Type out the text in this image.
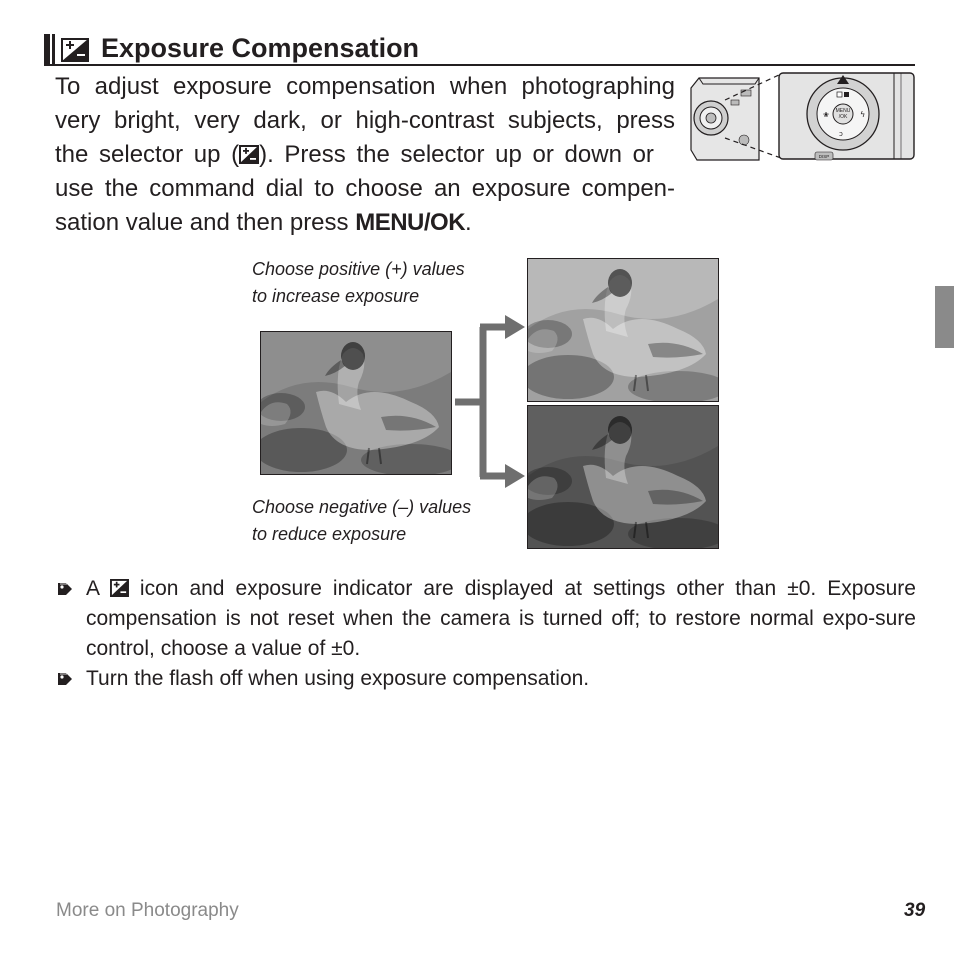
Exposure Compensation
To adjust exposure compensation when photographing
very bright, very dark, or high-contrast subjects, press
the selector up ( ). Press the selector up or down or
use the command dial to choose an exposure compen-
sation value and then press MENU/OK.
MENU
/OK
❀	ϟ
ↄ
DISP
Choose positive (+) values
to increase exposure
Choose negative (–) values
to reduce exposure
A  icon and exposure indicator are displayed at settings other than ±0. Exposure compensation is not reset when the camera is turned off; to restore normal expo-sure control, choose a value of ±0.
Turn the flash off when using exposure compensation.
More on Photography	39
